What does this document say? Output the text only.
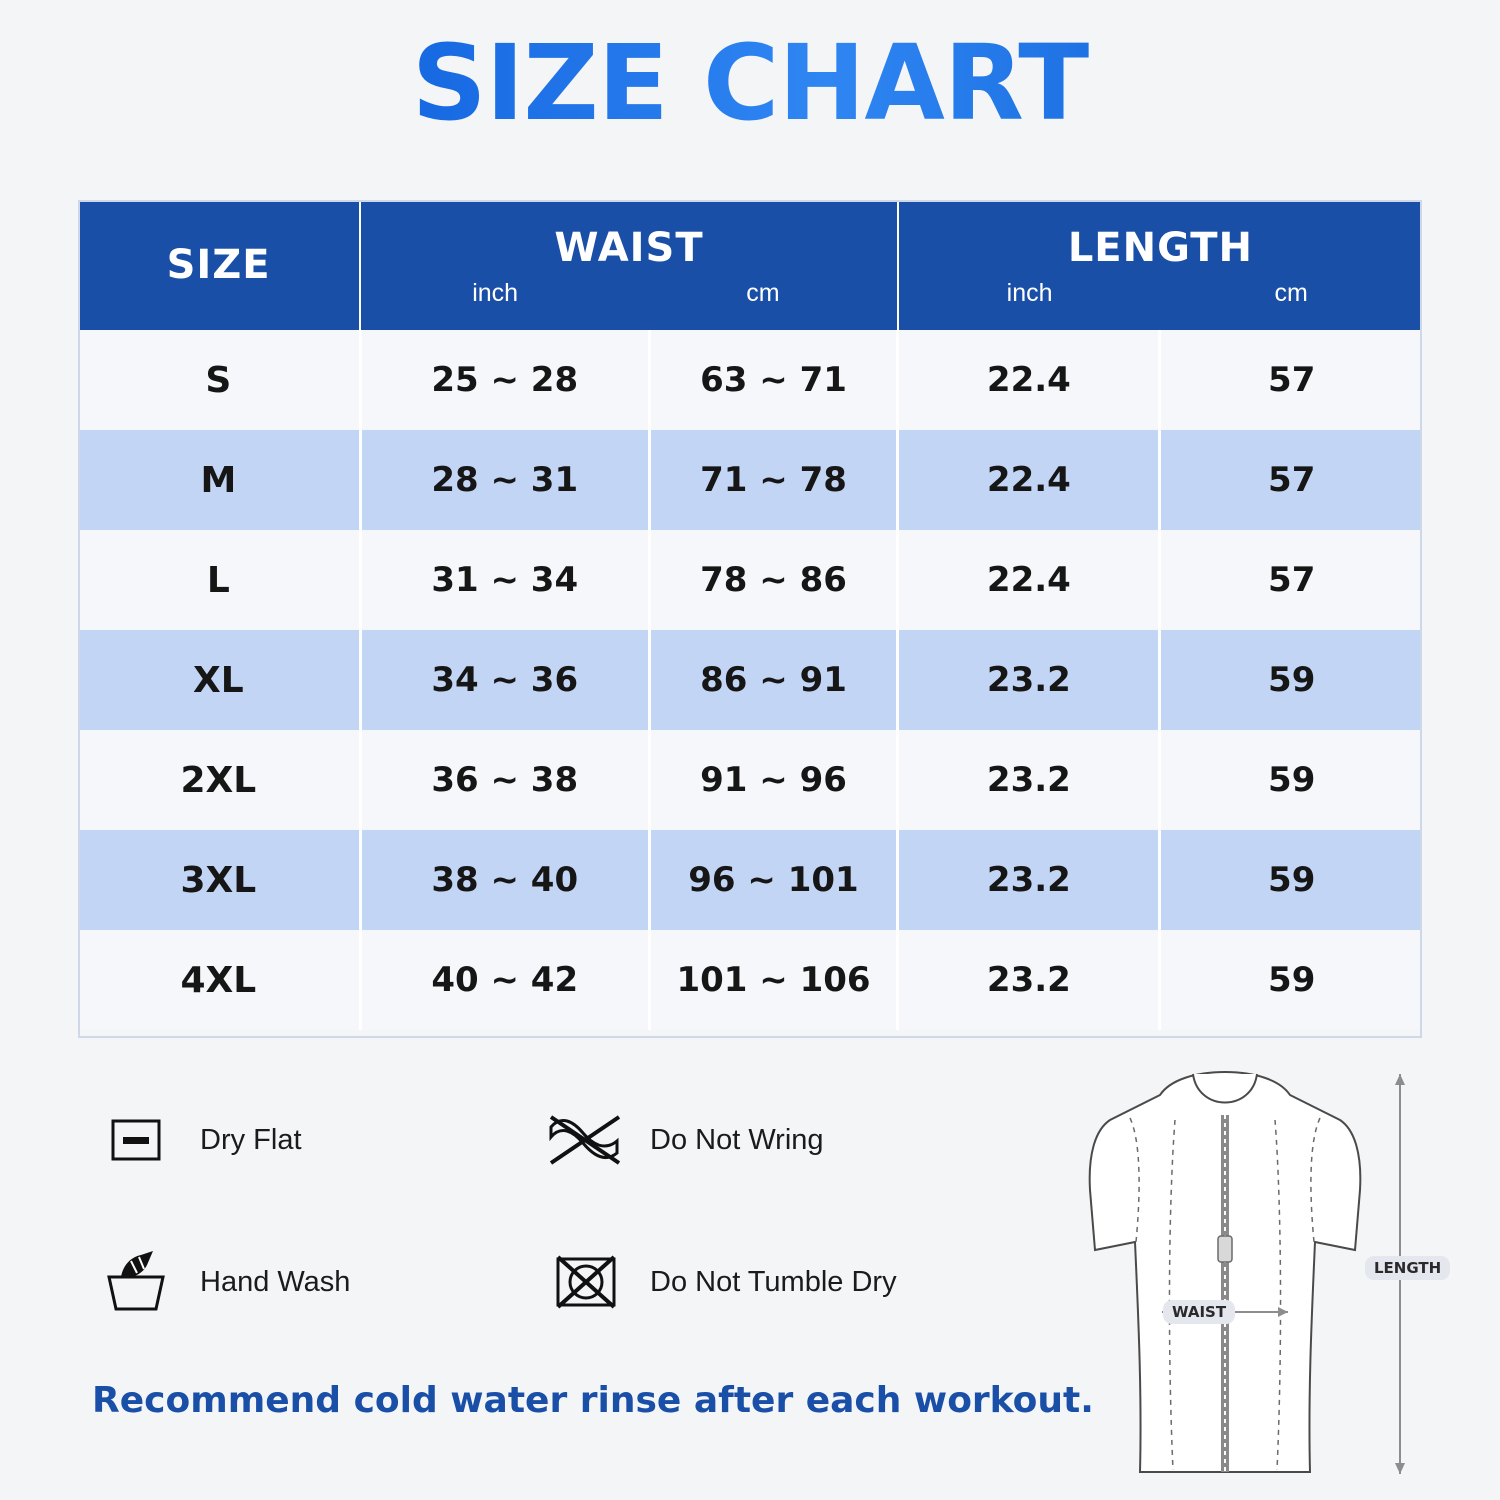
SIZE CHART
SIZE	WAIST
inch	cm

LENGTH
inch	cm

S	25 ~ 28	63 ~ 71	22.4	57
M	28 ~ 31	71 ~ 78	22.4	57
L	31 ~ 34	78 ~ 86	22.4	57
XL	34 ~ 36	86 ~ 91	23.2	59
2XL	36 ~ 38	91 ~ 96	23.2	59
3XL	38 ~ 40	96 ~ 101	23.2	59
4XL	40 ~ 42	101 ~ 106	23.2	59
Dry Flat	Do Not Wring
Hand Wash	Do Not Tumble Dry
Recommend cold water rinse after each workout.
WAIST
LENGTH
